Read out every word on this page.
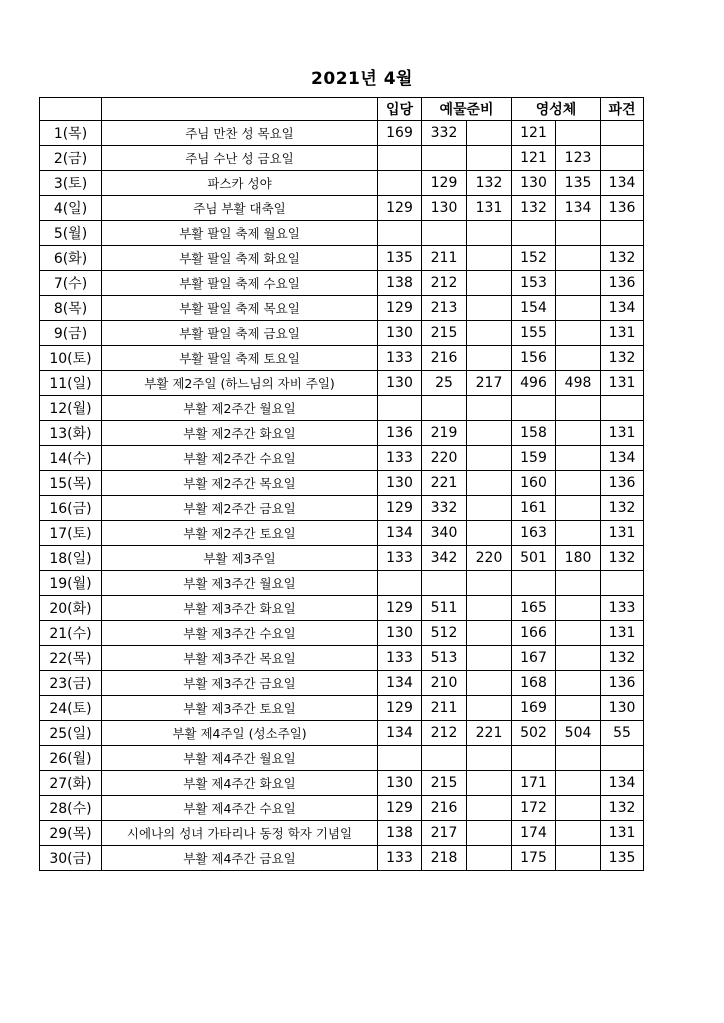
2021년 4월
		입당	예물준비		영성체		파견
1(목)	주님 만찬 성 목요일	169	332		121		
2(금)	주님 수난 성 금요일				121	123	
3(토)	파스카 성야		129	132	130	135	134
4(일)	주님 부활 대축일	129	130	131	132	134	136
5(월)	부활 팔일 축제 월요일						
6(화)	부활 팔일 축제 화요일	135	211		152		132
7(수)	부활 팔일 축제 수요일	138	212		153		136
8(목)	부활 팔일 축제 목요일	129	213		154		134
9(금)	부활 팔일 축제 금요일	130	215		155		131
10(토)	부활 팔일 축제 토요일	133	216		156		132
11(일)	부활 제2주일 (하느님의 자비 주일)	130	25	217	496	498	131
12(월)	부활 제2주간 월요일						
13(화)	부활 제2주간 화요일	136	219		158		131
14(수)	부활 제2주간 수요일	133	220		159		134
15(목)	부활 제2주간 목요일	130	221		160		136
16(금)	부활 제2주간 금요일	129	332		161		132
17(토)	부활 제2주간 토요일	134	340		163		131
18(일)	부활 제3주일	133	342	220	501	180	132
19(월)	부활 제3주간 월요일						
20(화)	부활 제3주간 화요일	129	511		165		133
21(수)	부활 제3주간 수요일	130	512		166		131
22(목)	부활 제3주간 목요일	133	513		167		132
23(금)	부활 제3주간 금요일	134	210		168		136
24(토)	부활 제3주간 토요일	129	211		169		130
25(일)	부활 제4주일 (성소주일)	134	212	221	502	504	55
26(월)	부활 제4주간 월요일						
27(화)	부활 제4주간 화요일	130	215		171		134
28(수)	부활 제4주간 수요일	129	216		172		132
29(목)	시에나의 성녀 가타리나 동정 학자 기념일	138	217		174		131
30(금)	부활 제4주간 금요일	133	218		175		135
